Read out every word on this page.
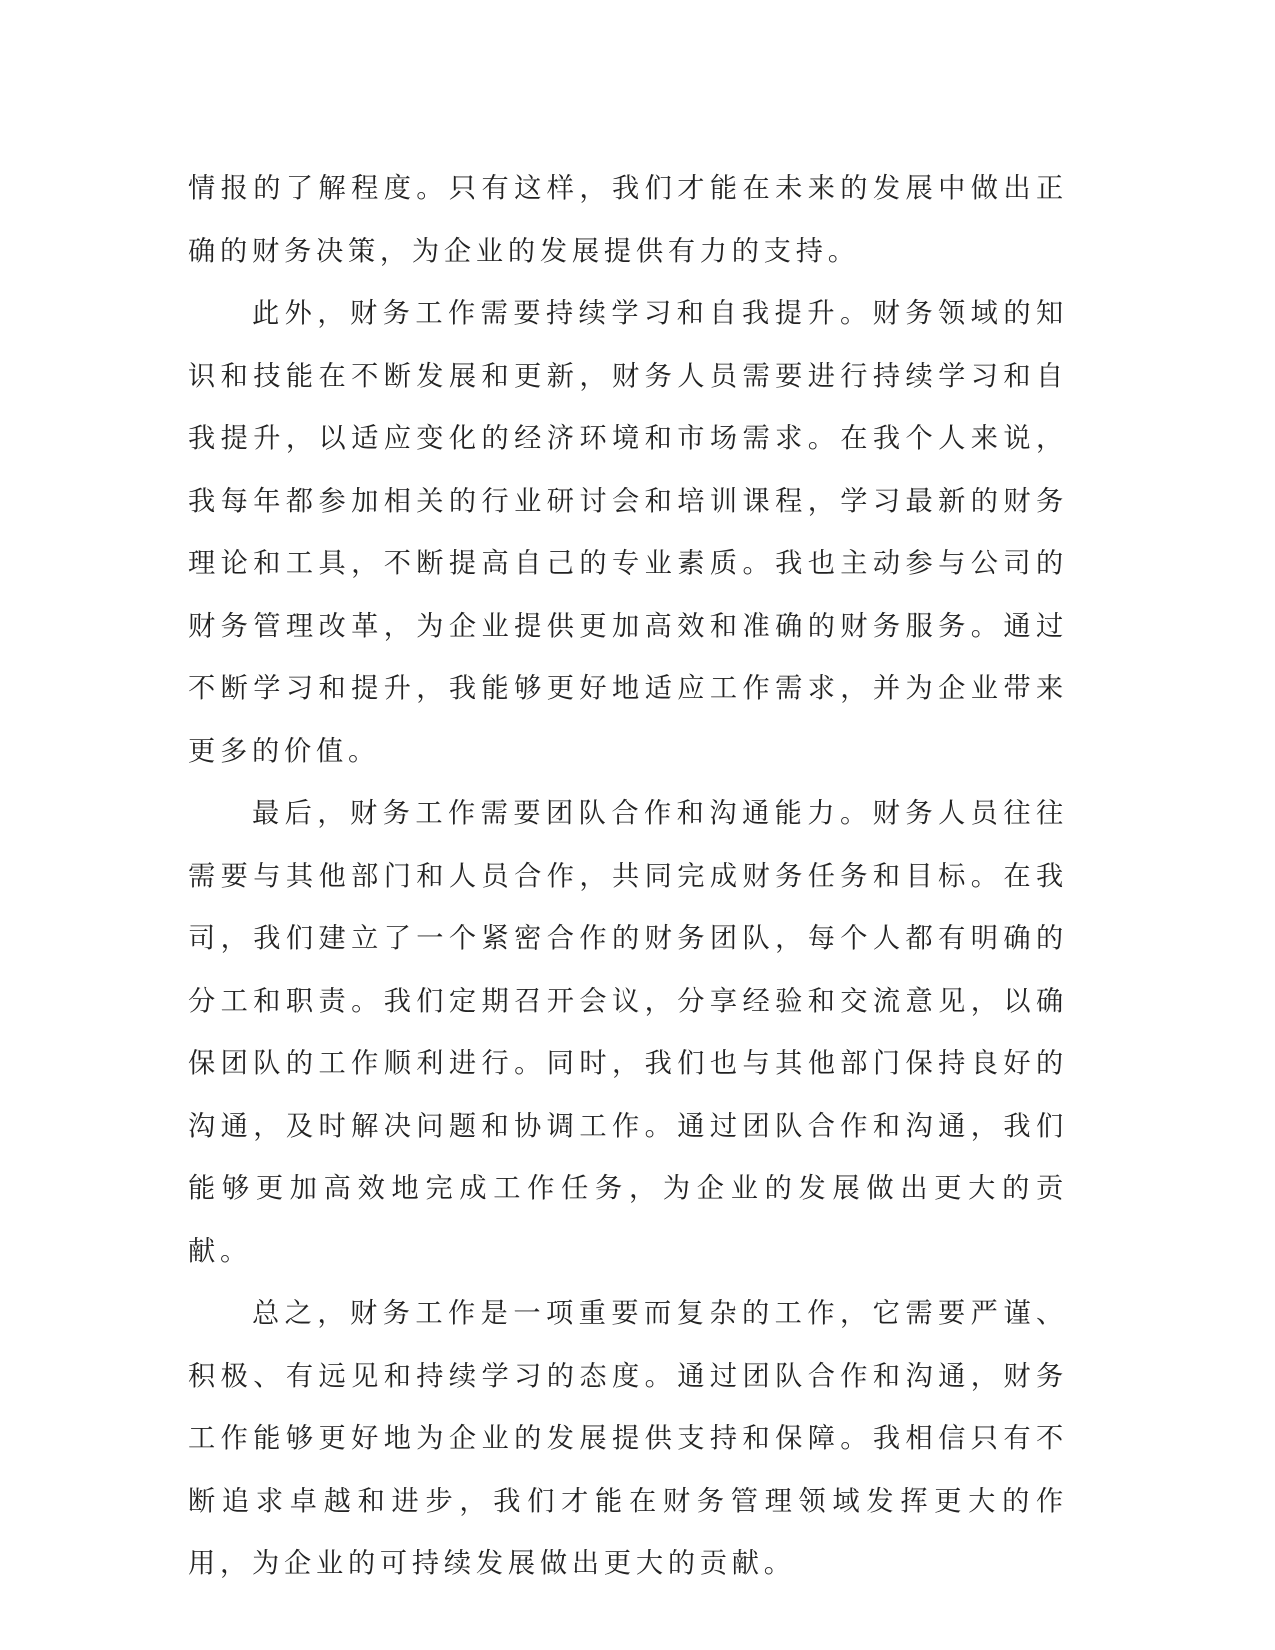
情报的了解程度。只有这样，我们才能在未来的发展中做出正确的财务决策，为企业的发展提供有力的支持。

此外，财务工作需要持续学习和自我提升。财务领域的知识和技能在不断发展和更新，财务人员需要进行持续学习和自我提升，以适应变化的经济环境和市场需求。在我个人来说，我每年都参加相关的行业研讨会和培训课程，学习最新的财务理论和工具，不断提高自己的专业素质。我也主动参与公司的财务管理改革，为企业提供更加高效和准确的财务服务。通过不断学习和提升，我能够更好地适应工作需求，并为企业带来更多的价值。

最后，财务工作需要团队合作和沟通能力。财务人员往往需要与其他部门和人员合作，共同完成财务任务和目标。在我司，我们建立了一个紧密合作的财务团队，每个人都有明确的分工和职责。我们定期召开会议，分享经验和交流意见，以确保团队的工作顺利进行。同时，我们也与其他部门保持良好的沟通，及时解决问题和协调工作。通过团队合作和沟通，我们能够更加高效地完成工作任务，为企业的发展做出更大的贡献。

总之，财务工作是一项重要而复杂的工作，它需要严谨、积极、有远见和持续学习的态度。通过团队合作和沟通，财务工作能够更好地为企业的发展提供支持和保障。我相信只有不断追求卓越和进步，我们才能在财务管理领域发挥更大的作用，为企业的可持续发展做出更大的贡献。
